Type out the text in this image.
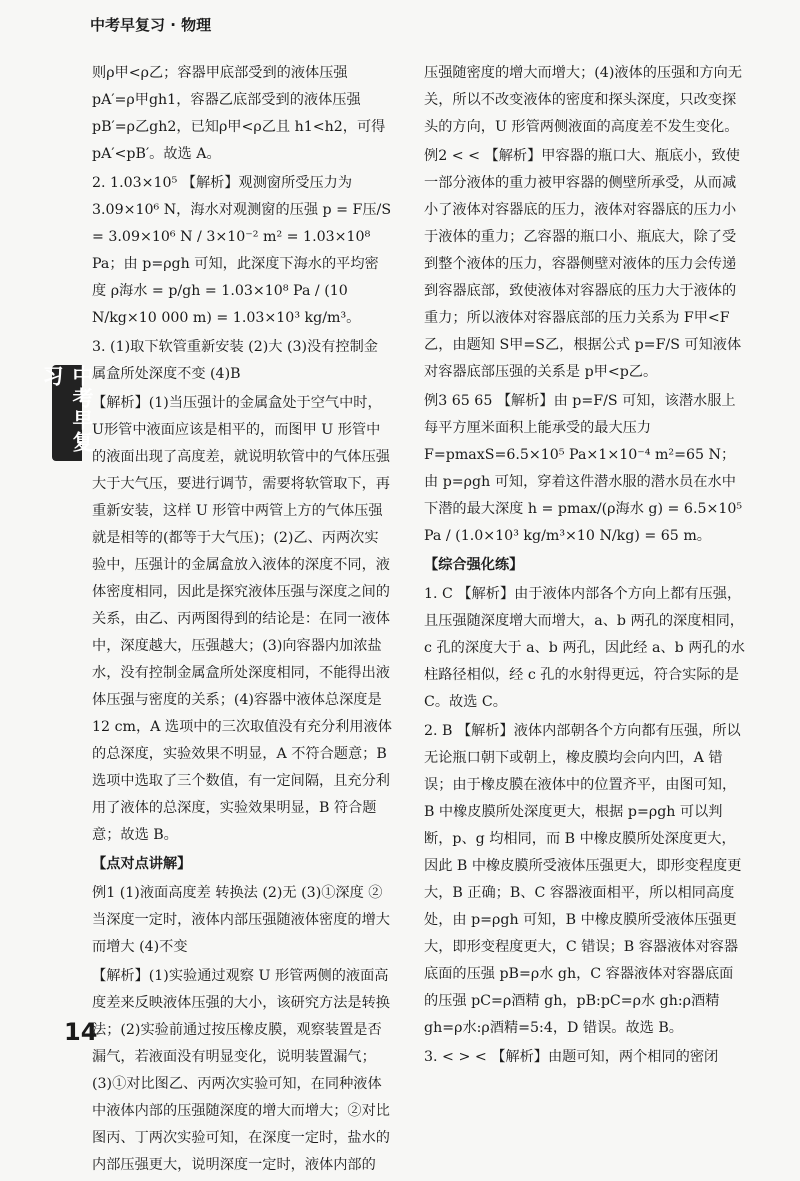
中考早复习 · 物理
中考早复习
则ρ甲<ρ乙；容器甲底部受到的液体压强 pA′=ρ甲gh1，容器乙底部受到的液体压强 pB′=ρ乙gh2，已知ρ甲<ρ乙且 h1<h2，可得 pA′<pB′。故选 A。
2. 1.03×10⁵ 【解析】观测窗所受压力为 3.09×10⁶ N，海水对观测窗的压强 p = F压/S = 3.09×10⁶ N / 3×10⁻² m² = 1.03×10⁸ Pa；由 p=ρgh 可知，此深度下海水的平均密度 ρ海水 = p/gh = 1.03×10⁸ Pa / (10 N/kg×10 000 m) = 1.03×10³ kg/m³。
3. (1)取下软管重新安装 (2)大 (3)没有控制金属盒所处深度不变 (4)B
【解析】(1)当压强计的金属盒处于空气中时，U形管中液面应该是相平的，而图甲 U 形管中的液面出现了高度差，就说明软管中的气体压强大于大气压，要进行调节，需要将软管取下，再重新安装，这样 U 形管中两管上方的气体压强就是相等的(都等于大气压)；(2)乙、丙两次实验中，压强计的金属盒放入液体的深度不同，液体密度相同，因此是探究液体压强与深度之间的关系，由乙、丙两图得到的结论是：在同一液体中，深度越大，压强越大；(3)向容器内加浓盐水，没有控制金属盒所处深度相同，不能得出液体压强与密度的关系；(4)容器中液体总深度是 12 cm，A 选项中的三次取值没有充分利用液体的总深度，实验效果不明显，A 不符合题意；B 选项中选取了三个数值，有一定间隔，且充分利用了液体的总深度，实验效果明显，B 符合题意；故选 B。
【点对点讲解】
例1 (1)液面高度差 转换法 (2)无 (3)①深度 ②当深度一定时，液体内部压强随液体密度的增大而增大 (4)不变
【解析】(1)实验通过观察 U 形管两侧的液面高度差来反映液体压强的大小，该研究方法是转换法；(2)实验前通过按压橡皮膜，观察装置是否漏气，若液面没有明显变化，说明装置漏气；(3)①对比图乙、丙两次实验可知，在同种液体中液体内部的压强随深度的增大而增大；②对比图丙、丁两次实验可知，在深度一定时，盐水的内部压强更大，说明深度一定时，液体内部的
压强随密度的增大而增大；(4)液体的压强和方向无关，所以不改变液体的密度和探头深度，只改变探头的方向，U 形管两侧液面的高度差不发生变化。
例2 < < 【解析】甲容器的瓶口大、瓶底小，致使一部分液体的重力被甲容器的侧壁所承受，从而减小了液体对容器底的压力，液体对容器底的压力小于液体的重力；乙容器的瓶口小、瓶底大，除了受到整个液体的压力，容器侧壁对液体的压力会传递到容器底部，致使液体对容器底的压力大于液体的重力；所以液体对容器底部的压力关系为 F甲<F乙，由题知 S甲=S乙，根据公式 p=F/S 可知液体对容器底部压强的关系是 p甲<p乙。
例3 65 65 【解析】由 p=F/S 可知，该潜水服上每平方厘米面积上能承受的最大压力 F=pmaxS=6.5×10⁵ Pa×1×10⁻⁴ m²=65 N；由 p=ρgh 可知，穿着这件潜水服的潜水员在水中下潜的最大深度 h = pmax/(ρ海水 g) = 6.5×10⁵ Pa / (1.0×10³ kg/m³×10 N/kg) = 65 m。
【综合强化练】
1. C 【解析】由于液体内部各个方向上都有压强，且压强随深度增大而增大，a、b 两孔的深度相同，c 孔的深度大于 a、b 两孔，因此经 a、b 两孔的水柱路径相似，经 c 孔的水射得更远，符合实际的是 C。故选 C。
2. B 【解析】液体内部朝各个方向都有压强，所以无论瓶口朝下或朝上，橡皮膜均会向内凹，A 错误；由于橡皮膜在液体中的位置齐平，由图可知，B 中橡皮膜所处深度更大，根据 p=ρgh 可以判断，p、g 均相同，而 B 中橡皮膜所处深度更大，因此 B 中橡皮膜所受液体压强更大，即形变程度更大，B 正确；B、C 容器液面相平，所以相同高度处，由 p=ρgh 可知，B 中橡皮膜所受液体压强更大，即形变程度更大，C 错误；B 容器液体对容器底面的压强 pB=ρ水 gh，C 容器液体对容器底面的压强 pC=ρ酒精 gh，pB:pC=ρ水 gh:ρ酒精 gh=ρ水:ρ酒精=5:4，D 错误。故选 B。
3. < > < 【解析】由题可知，两个相同的密闭
14
